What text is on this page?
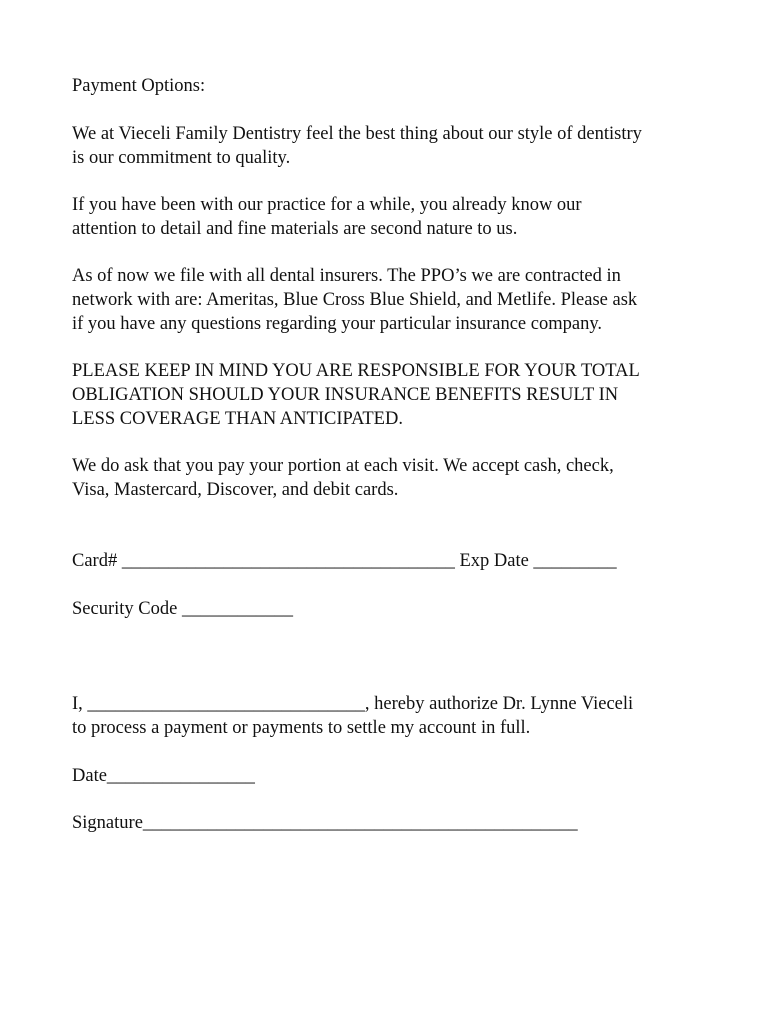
Payment Options:

We at Vieceli Family Dentistry feel the best thing about our style of dentistry

is our commitment to quality.

If you have been with our practice for a while, you already know our

attention to detail and fine materials are second nature to us.

As of now we file with all dental insurers. The PPO’s we are contracted in

network with are: Ameritas, Blue Cross Blue Shield, and Metlife. Please ask

if you have any questions regarding your particular insurance company.

PLEASE KEEP IN MIND YOU ARE RESPONSIBLE FOR YOUR TOTAL

OBLIGATION SHOULD YOUR INSURANCE BENEFITS RESULT IN

LESS COVERAGE THAN ANTICIPATED.

We do ask that you pay your portion at each visit. We accept cash, check,

Visa, Mastercard, Discover, and debit cards.

Card# ____________________________________ Exp Date _________

Security Code ____________

I, ______________________________, hereby authorize Dr. Lynne Vieceli

to process a payment or payments to settle my account in full.

Date________________

Signature_______________________________________________
